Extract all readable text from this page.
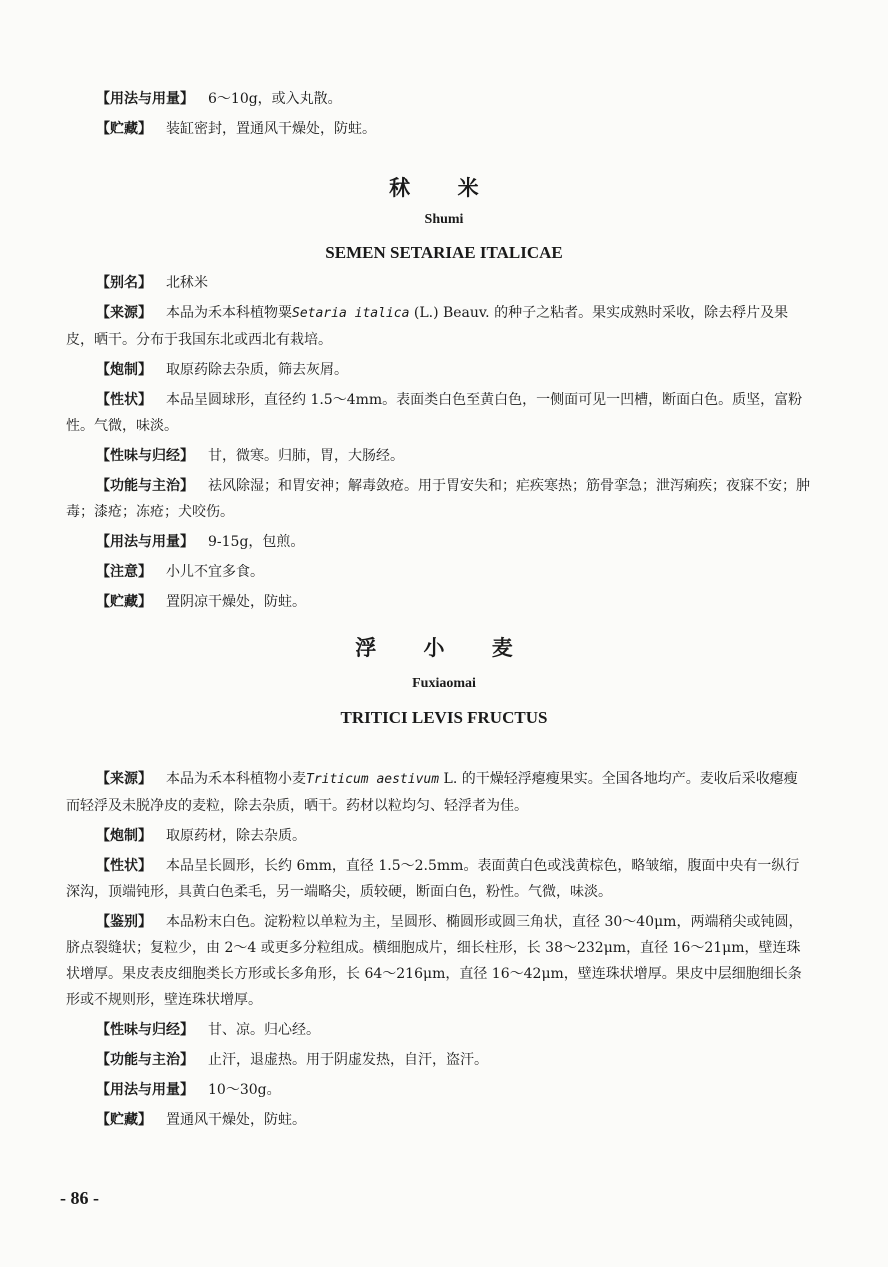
【用法与用量】 6～10g，或入丸散。
【贮藏】 装缸密封，置通风干燥处，防蛀。
秫 米
Shumi
SEMEN SETARIAE ITALICAE
【别名】 北秫米
【来源】 本品为禾本科植物粟Setaria italica (L.) Beauv. 的种子之粘者。果实成熟时采收，除去稃片及果皮，晒干。分布于我国东北或西北有栽培。
【炮制】 取原药除去杂质，筛去灰屑。
【性状】 本品呈圆球形，直径约 1.5～4mm。表面类白色至黄白色，一侧面可见一凹槽，断面白色。质坚，富粉性。气微，味淡。
【性味与归经】 甘，微寒。归肺，胃，大肠经。
【功能与主治】 祛风除湿；和胃安神；解毒敛疮。用于胃安失和；疟疾寒热；筋骨挛急；泄泻痢疾；夜寐不安；肿毒；漆疮；冻疮；犬咬伤。
【用法与用量】 9-15g，包煎。
【注意】 小儿不宜多食。
【贮藏】 置阴凉干燥处，防蛀。
浮 小 麦
Fuxiaomai
TRITICI LEVIS FRUCTUS
【来源】 本品为禾本科植物小麦Triticum aestivum L. 的干燥轻浮瘪瘦果实。全国各地均产。麦收后采收瘪瘦而轻浮及未脱净皮的麦粒，除去杂质，晒干。药材以粒均匀、轻浮者为佳。
【炮制】 取原药材，除去杂质。
【性状】 本品呈长圆形，长约 6mm，直径 1.5～2.5mm。表面黄白色或浅黄棕色，略皱缩，腹面中央有一纵行深沟，顶端钝形，具黄白色柔毛，另一端略尖，质较硬，断面白色，粉性。气微，味淡。
【鉴别】 本品粉末白色。淀粉粒以单粒为主，呈圆形、椭圆形或圆三角状，直径 30～40μm，两端稍尖或钝圆，脐点裂缝状；复粒少，由 2～4 或更多分粒组成。横细胞成片，细长柱形，长 38～232μm，直径 16～21μm，壁连珠状增厚。果皮表皮细胞类长方形或长多角形，长 64～216μm，直径 16～42μm，壁连珠状增厚。果皮中层细胞细长条形或不规则形，壁连珠状增厚。
【性味与归经】 甘、凉。归心经。
【功能与主治】 止汗，退虚热。用于阴虚发热，自汗，盗汗。
【用法与用量】 10～30g。
【贮藏】 置通风干燥处，防蛀。
- 86 -
